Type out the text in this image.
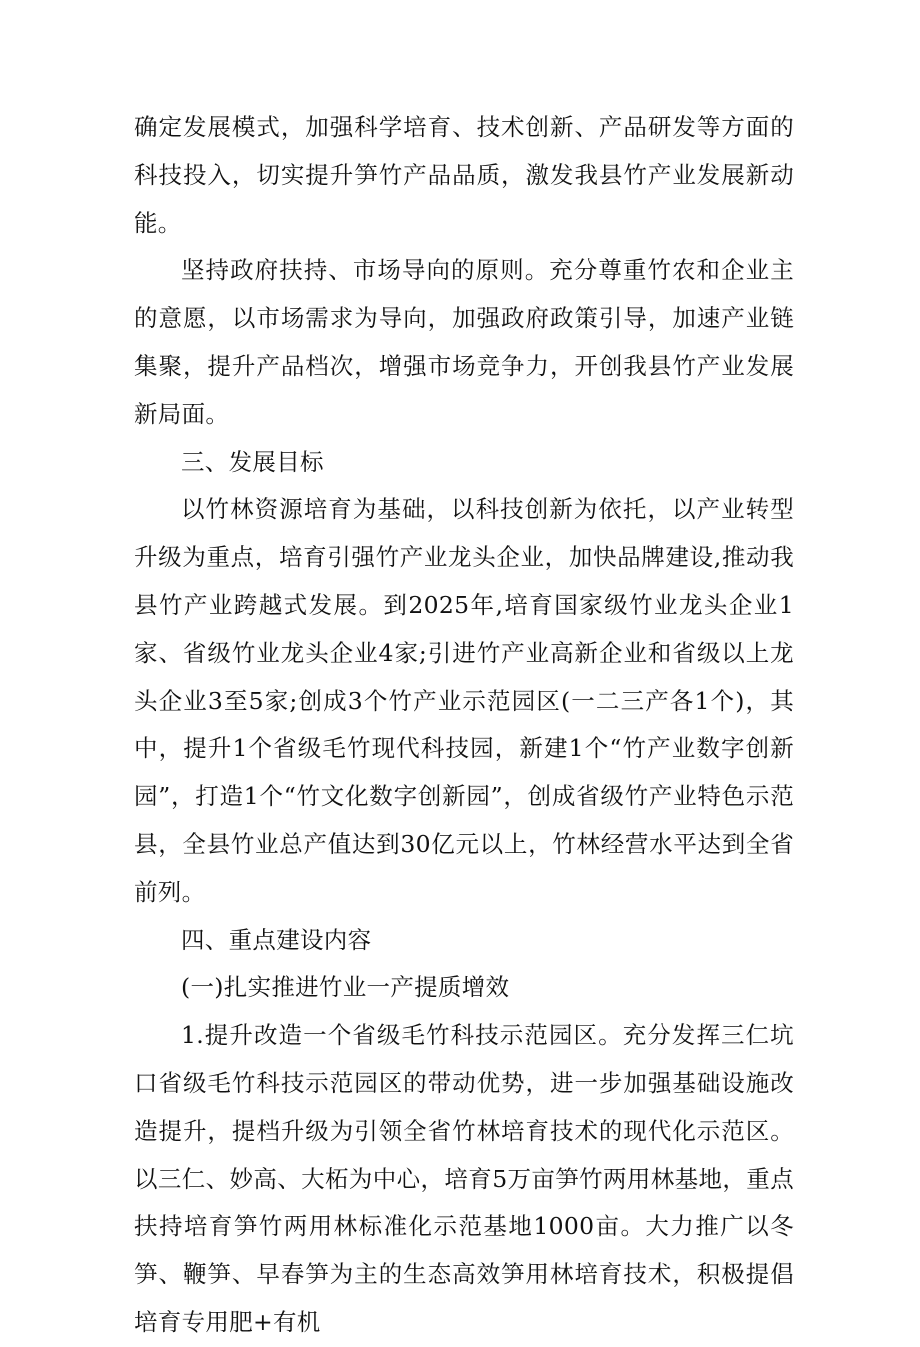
确定发展模式，加强科学培育、技术创新、产品研发等方面的科技投入，切实提升笋竹产品品质，激发我县竹产业发展新动能。

坚持政府扶持、市场导向的原则。充分尊重竹农和企业主的意愿，以市场需求为导向，加强政府政策引导，加速产业链集聚，提升产品档次，增强市场竞争力，开创我县竹产业发展新局面。

三、发展目标

以竹林资源培育为基础，以科技创新为依托，以产业转型升级为重点，培育引强竹产业龙头企业，加快品牌建设,推动我县竹产业跨越式发展。到2025年,培育国家级竹业龙头企业1家、省级竹业龙头企业4家;引进竹产业高新企业和省级以上龙头企业3至5家;创成3个竹产业示范园区(一二三产各1个)，其中，提升1个省级毛竹现代科技园，新建1个“竹产业数字创新园”，打造1个“竹文化数字创新园”，创成省级竹产业特色示范县，全县竹业总产值达到30亿元以上，竹林经营水平达到全省前列。

四、重点建设内容

(一)扎实推进竹业一产提质增效

1.提升改造一个省级毛竹科技示范园区。充分发挥三仁坑口省级毛竹科技示范园区的带动优势，进一步加强基础设施改造提升，提档升级为引领全省竹林培育技术的现代化示范区。以三仁、妙高、大柘为中心，培育5万亩笋竹两用林基地，重点扶持培育笋竹两用林标准化示范基地1000亩。大力推广以冬笋、鞭笋、早春笋为主的生态高效笋用林培育技术，积极提倡培育专用肥+有机
